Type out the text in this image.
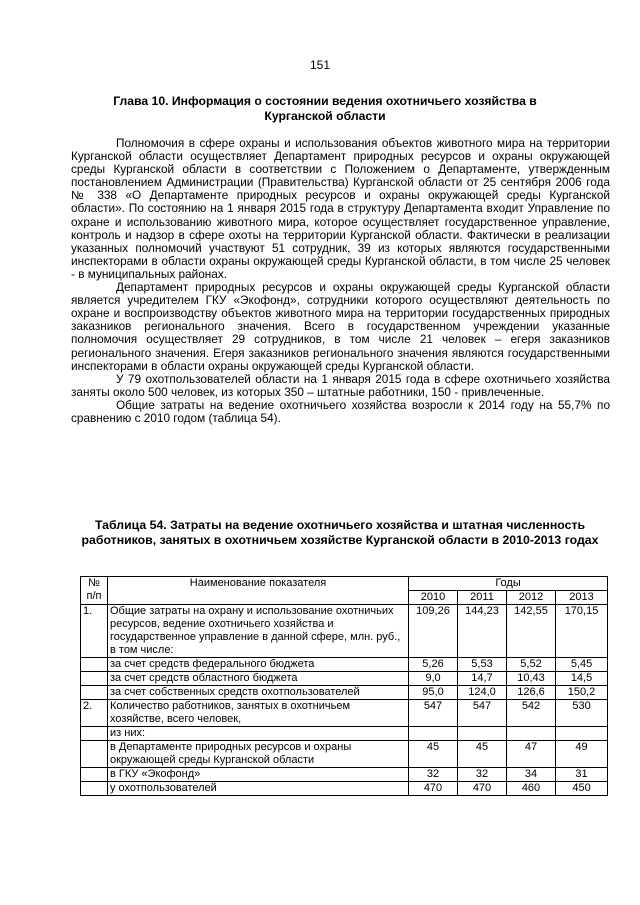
151
Глава 10. Информация о состоянии ведения охотничьего хозяйства в Курганской области

Полномочия в сфере охраны и использования объектов животного мира на территории Курганской области осуществляет Департамент природных ресурсов и охраны окружающей среды Курганской области в соответствии с Положением о Департаменте, утвержденным постановлением Администрации (Правительства) Курганской области от 25 сентября 2006 года № 338 «О Департаменте природных ресурсов и охраны окружающей среды Курганской области». По состоянию на 1 января 2015 года в структуру Департамента входит Управление по охране и использованию животного мира, которое осуществляет государственное управление, контроль и надзор в сфере охоты на территории Курганской области. Фактически в реализации указанных полномочий участвуют 51 сотрудник, 39 из которых являются государственными инспекторами в области охраны окружающей среды Курганской области, в том числе 25 человек - в муниципальных районах.

Департамент природных ресурсов и охраны окружающей среды Курганской области является учредителем ГКУ «Экофонд», сотрудники которого осуществляют деятельность по охране и воспроизводству объектов животного мира на территории государственных природных заказников регионального значения. Всего в государственном учреждении указанные полномочия осуществляет 29 сотрудников, в том числе 21 человек – егеря заказников регионального значения. Егеря заказников регионального значения являются государственными инспекторами в области охраны окружающей среды Курганской области.

У 79 охотпользователей области на 1 января 2015 года в сфере охотничьего хозяйства заняты около 500 человек, из которых 350 – штатные работники, 150 - привлеченные.

Общие затраты на ведение охотничьего хозяйства возросли к 2014 году на 55,7% по сравнению с 2010 годом (таблица 54).

Таблица 54. Затраты на ведение охотничьего хозяйства и штатная численность работников, занятых в охотничьем хозяйстве Курганской области в 2010-2013 годах
№ п/п	Наименование показателя	Годы			
		2010	2011	2012	2013
1.	Общие затраты на охрану и использование охотничьих ресурсов, ведение охотничьего хозяйства и государственное управление в данной сфере, млн. руб., в том числе:	109,26	144,23	142,55	170,15
	за счет средств федерального бюджета	5,26	5,53	5,52	5,45
	за счет средств областного бюджета	9,0	14,7	10,43	14,5
	за счет собственных средств охотпользователей	95,0	124,0	126,6	150,2
2.	Количество работников, занятых в охотничьем хозяйстве, всего человек,	547	547	542	530
	из них:				
	в Департаменте природных ресурсов и охраны окружающей среды Курганской области	45	45	47	49
	в ГКУ «Экофонд»	32	32	34	31
	у охотпользователей	470	470	460	450
